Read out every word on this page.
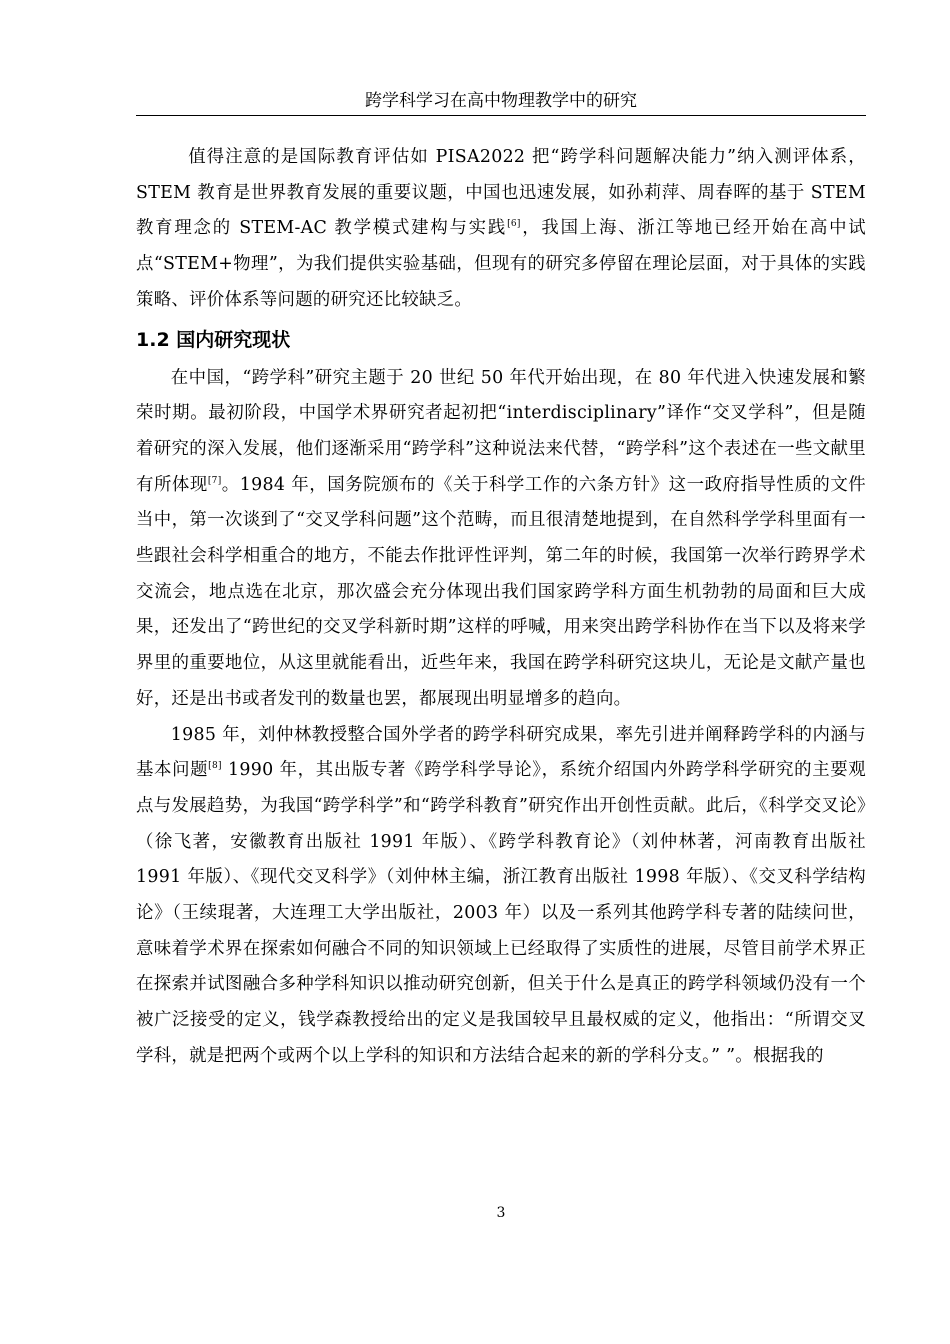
跨学科学习在高中物理教学中的研究

值得注意的是国际教育评估如 PISA2022 把“跨学科问题解决能力”纳入测评体系，STEM 教育是世界教育发展的重要议题，中国也迅速发展，如孙莉萍、周春晖的基于 STEM 教育理念的 STEM-AC 教学模式建构与实践[6]，我国上海、浙江等地已经开始在高中试点“STEM+物理”，为我们提供实验基础，但现有的研究多停留在理论层面，对于具体的实践策略、评价体系等问题的研究还比较缺乏。

1.2 国内研究现状

在中国，“跨学科”研究主题于 20 世纪 50 年代开始出现，在 80 年代进入快速发展和繁荣时期。最初阶段，中国学术界研究者起初把“interdisciplinary”译作“交叉学科”，但是随着研究的深入发展，他们逐渐采用“跨学科”这种说法来代替，“跨学科”这个表述在一些文献里有所体现[7]。1984 年，国务院颁布的《关于科学工作的六条方针》这一政府指导性质的文件当中，第一次谈到了“交叉学科问题”这个范畴，而且很清楚地提到，在自然科学学科里面有一些跟社会科学相重合的地方，不能去作批评性评判，第二年的时候，我国第一次举行跨界学术交流会，地点选在北京，那次盛会充分体现出我们国家跨学科方面生机勃勃的局面和巨大成果，还发出了“跨世纪的交叉学科新时期”这样的呼喊，用来突出跨学科协作在当下以及将来学界里的重要地位，从这里就能看出，近些年来，我国在跨学科研究这块儿，无论是文献产量也好，还是出书或者发刊的数量也罢，都展现出明显增多的趋向。

1985 年，刘仲林教授整合国外学者的跨学科研究成果，率先引进并阐释跨学科的内涵与基本问题[8] 1990 年，其出版专著《跨学科学导论》，系统介绍国内外跨学科学研究的主要观点与发展趋势，为我国“跨学科学”和“跨学科教育”研究作出开创性贡献。此后，《科学交叉论》（徐飞著，安徽教育出版社 1991 年版）、《跨学科教育论》（刘仲林著，河南教育出版社 1991 年版）、《现代交叉科学》（刘仲林主编，浙江教育出版社 1998 年版）、《交叉科学结构论》（王续琨著，大连理工大学出版社，2003 年）以及一系列其他跨学科专著的陆续问世，意味着学术界在探索如何融合不同的知识领域上已经取得了实质性的进展，尽管目前学术界正在探索并试图融合多种学科知识以推动研究创新，但关于什么是真正的跨学科领域仍没有一个被广泛接受的定义，钱学森教授给出的定义是我国较早且最权威的定义，他指出：“所谓交叉学科，就是把两个或两个以上学科的知识和方法结合起来的新的学科分支。” ”。根据我的

3
